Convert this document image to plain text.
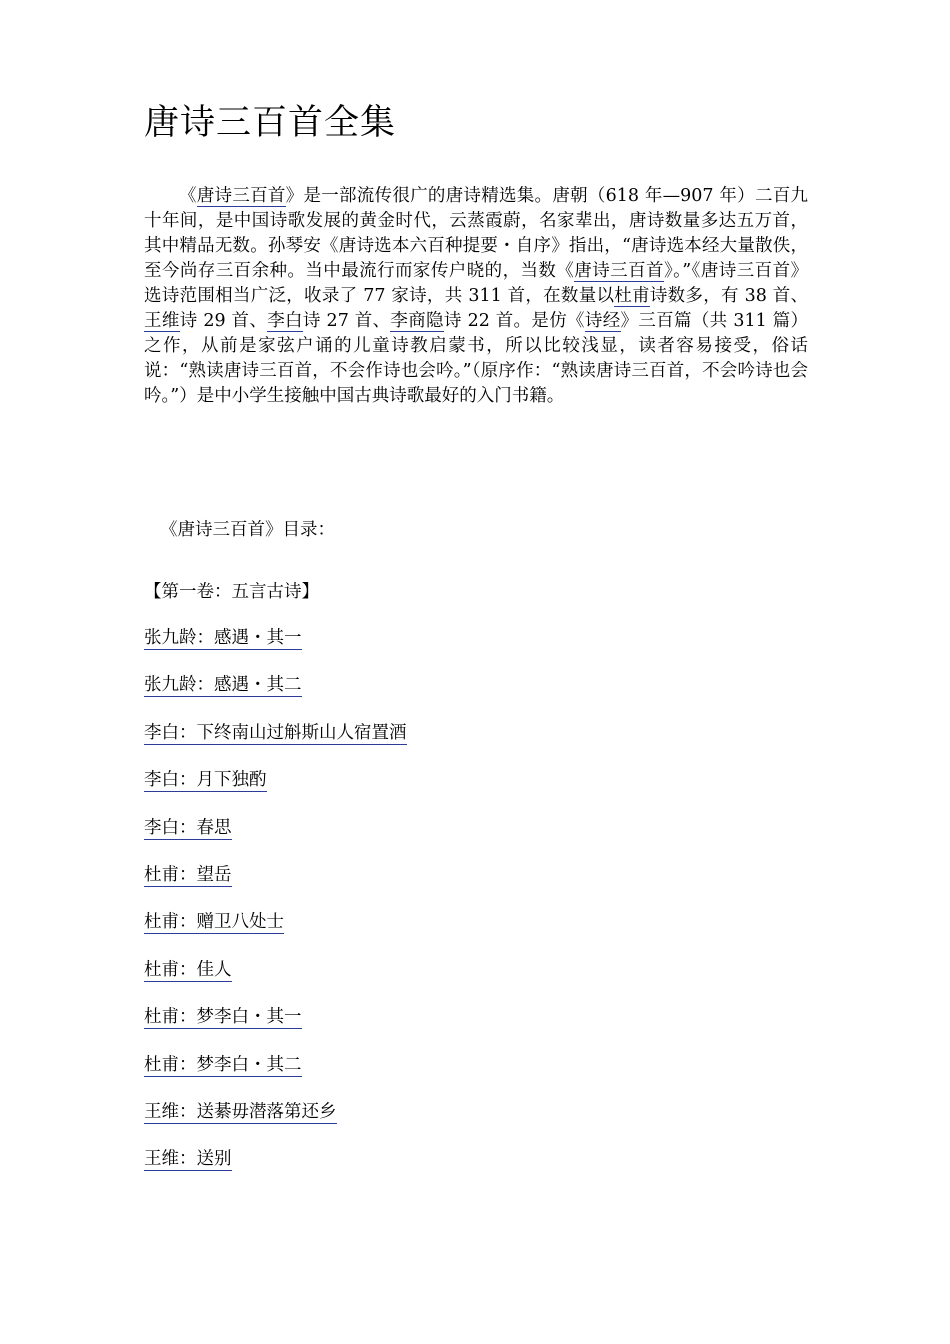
唐诗三百首全集

《唐诗三百首》是一部流传很广的唐诗精选集。唐朝（618 年—907 年）二百九十年间，是中国诗歌发展的黄金时代，云蒸霞蔚，名家辈出，唐诗数量多达五万首，其中精品无数。孙琴安《唐诗选本六百种提要・自序》指出，“唐诗选本经大量散佚，至今尚存三百余种。当中最流行而家传户晓的，当数《唐诗三百首》。”《唐诗三百首》选诗范围相当广泛，收录了 77 家诗，共 311 首，在数量以杜甫诗数多，有 38 首、王维诗 29 首、李白诗 27 首、李商隐诗 22 首。是仿《诗经》三百篇（共 311 篇）之作，从前是家弦户诵的儿童诗教启蒙书，所以比较浅显，读者容易接受，俗话说：“熟读唐诗三百首，不会作诗也会吟。”（原序作：“熟读唐诗三百首，不会吟诗也会吟。”）是中小学生接触中国古典诗歌最好的入门书籍。

《唐诗三百首》目录：

【第一卷：五言古诗】

张九龄：感遇・其一
张九龄：感遇・其二
李白：下终南山过斛斯山人宿置酒
李白：月下独酌
李白：春思
杜甫：望岳
杜甫：赠卫八处士
杜甫：佳人
杜甫：梦李白・其一
杜甫：梦李白・其二
王维：送綦毋潜落第还乡
王维：送别
